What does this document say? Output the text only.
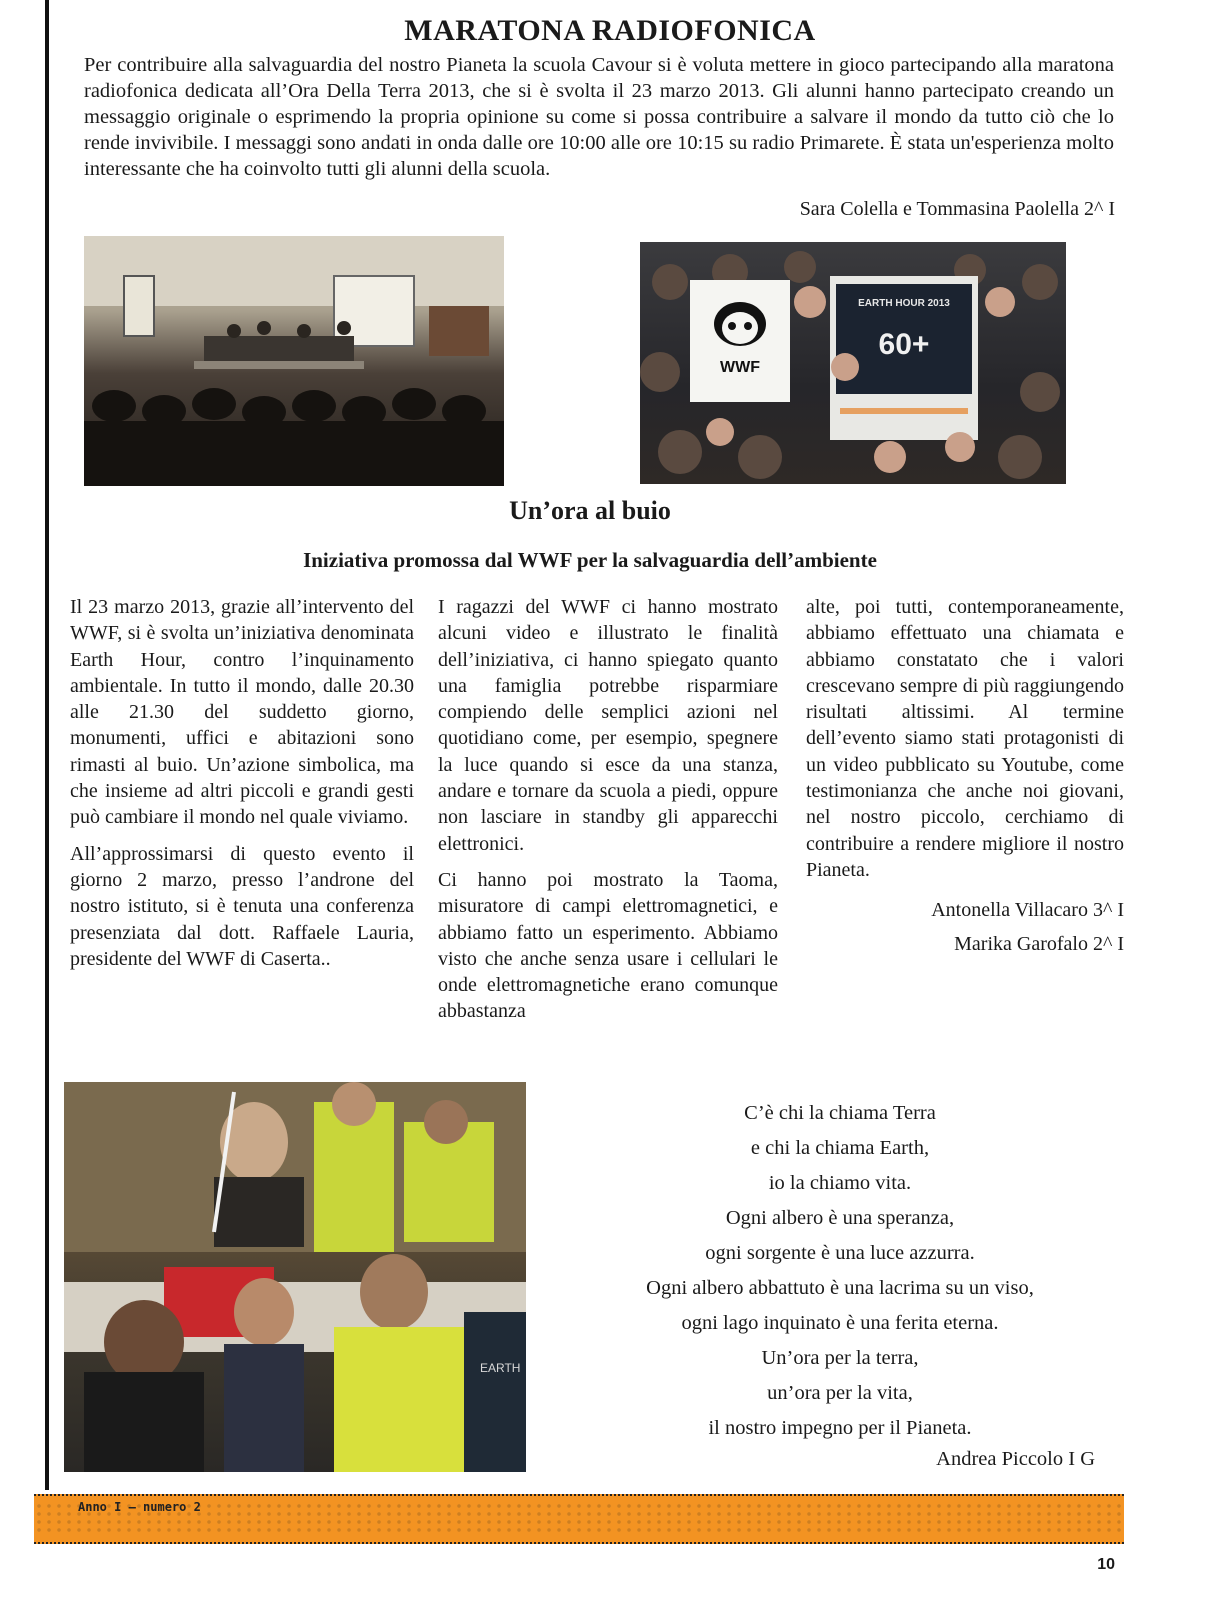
MARATONA RADIOFONICA

Per contribuire alla salvaguardia del nostro Pianeta la scuola Cavour si è voluta mettere in gioco partecipando alla maratona radiofonica dedicata all’Ora Della Terra 2013, che si è svolta il 23 marzo 2013. Gli alunni hanno partecipato creando un messaggio originale o esprimendo la propria opinione su come si possa contribuire a salvare il mondo da tutto ciò che lo rende invivibile. I messaggi sono andati in onda dalle ore 10:00 alle ore 10:15 su radio Primarete. È stata un'esperienza molto interessante che ha coinvolto tutti gli alunni della scuola.

Sara Colella e Tommasina Paolella 2^ I

WWF
EARTH HOUR 2013
60+
Un’ora al buio
Iniziativa promossa dal WWF per la salvaguardia dell’ambiente

Il 23 marzo 2013, grazie all’intervento del WWF, si è svolta un’iniziativa denominata Earth Hour, contro l’inquinamento ambientale. In tutto il mondo, dalle 20.30 alle 21.30 del suddetto giorno, monumenti, uffici e abitazioni sono rimasti al buio. Un’azione simbolica, ma che insieme ad altri piccoli e grandi gesti può cambiare il mondo nel quale viviamo.

All’approssimarsi di questo evento il giorno 2 marzo, presso l’androne del nostro istituto, si è tenuta una conferenza presenziata dal dott. Raffaele Lauria, presidente del WWF di Caserta..

I ragazzi del WWF ci hanno mostrato alcuni video e illustrato le finalità dell’iniziativa, ci hanno spiegato quanto una famiglia potrebbe risparmiare compiendo delle semplici azioni nel quotidiano come, per esempio, spegnere la luce quando si esce da una stanza, andare e tornare da scuola a piedi, oppure non lasciare in standby gli apparecchi elettronici.

Ci hanno poi mostrato la Taoma, misuratore di campi elettromagnetici, e abbiamo fatto un esperimento. Abbiamo visto che anche senza usare i cellulari le onde elettromagnetiche erano comunque abbastanza

alte, poi tutti, contemporaneamente, abbiamo effettuato una chiamata e abbiamo constatato che i valori crescevano sempre di più raggiungendo risultati altissimi. Al termine dell’evento siamo stati protagonisti di un video pubblicato su Youtube, come testimonianza che anche noi giovani, nel nostro piccolo, cerchiamo di contribuire a rendere migliore il nostro Pianeta.

Antonella Villacaro 3^ I

Marika Garofalo 2^ I

EARTH
C’è chi la chiama Terra
e chi la chiama Earth,
io la chiamo vita.
Ogni albero è una speranza,
ogni sorgente è una luce azzurra.
Ogni albero abbattuto è una lacrima su un viso,
ogni lago inquinato è una ferita eterna.
Un’ora per la terra,
un’ora per la vita,
il nostro impegno per il Pianeta.
Andrea Piccolo I G
Anno I — numero 2
10
